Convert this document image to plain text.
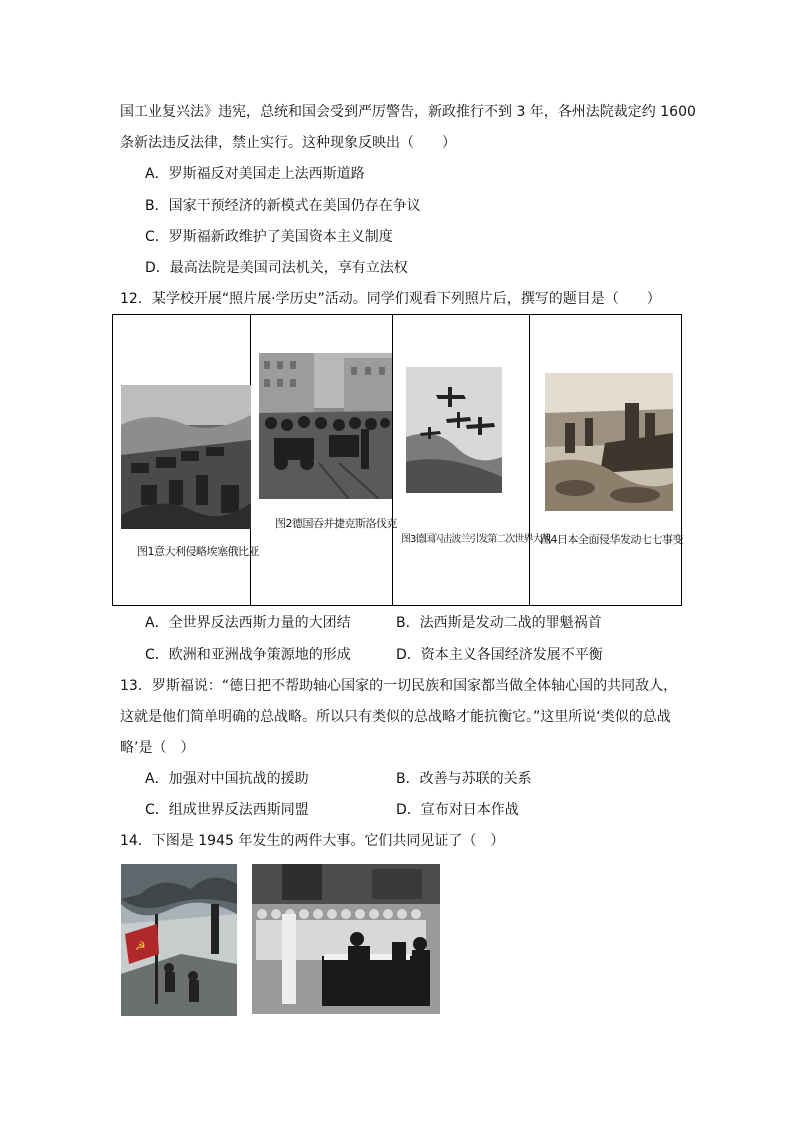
国工业复兴法》违宪，总统和国会受到严厉警告，新政推行不到 3 年，各州法院裁定约 1600
条新法违反法律，禁止实行。这种现象反映出（　　）
A．罗斯福反对美国走上法西斯道路
B．国家干预经济的新模式在美国仍存在争议
C．罗斯福新政维护了美国资本主义制度
D．最高法院是美国司法机关，享有立法权
12．某学校开展“照片展·学历史”活动。同学们观看下列照片后，撰写的题目是（　　）
图1意大利侵略埃塞俄比亚
图2德国吞并捷克斯洛伐克
图3德国闪击波兰引发第二次世界大战
图4日本全面侵华发动七七事变
A．全世界反法西斯力量的大团结	B．法西斯是发动二战的罪魁祸首
C．欧洲和亚洲战争策源地的形成	D．资本主义各国经济发展不平衡
13．罗斯福说：“德日把不帮助轴心国家的一切民族和国家都当做全体轴心国的共同敌人，
这就是他们简单明确的总战略。所以只有类似的总战略才能抗衡它。”这里所说‘类似的总战
略’是（　）
A．加强对中国抗战的援助	B．改善与苏联的关系
C．组成世界反法西斯同盟	D．宣布对日本作战
14．下图是 1945 年发生的两件大事。它们共同见证了（　）
☭
